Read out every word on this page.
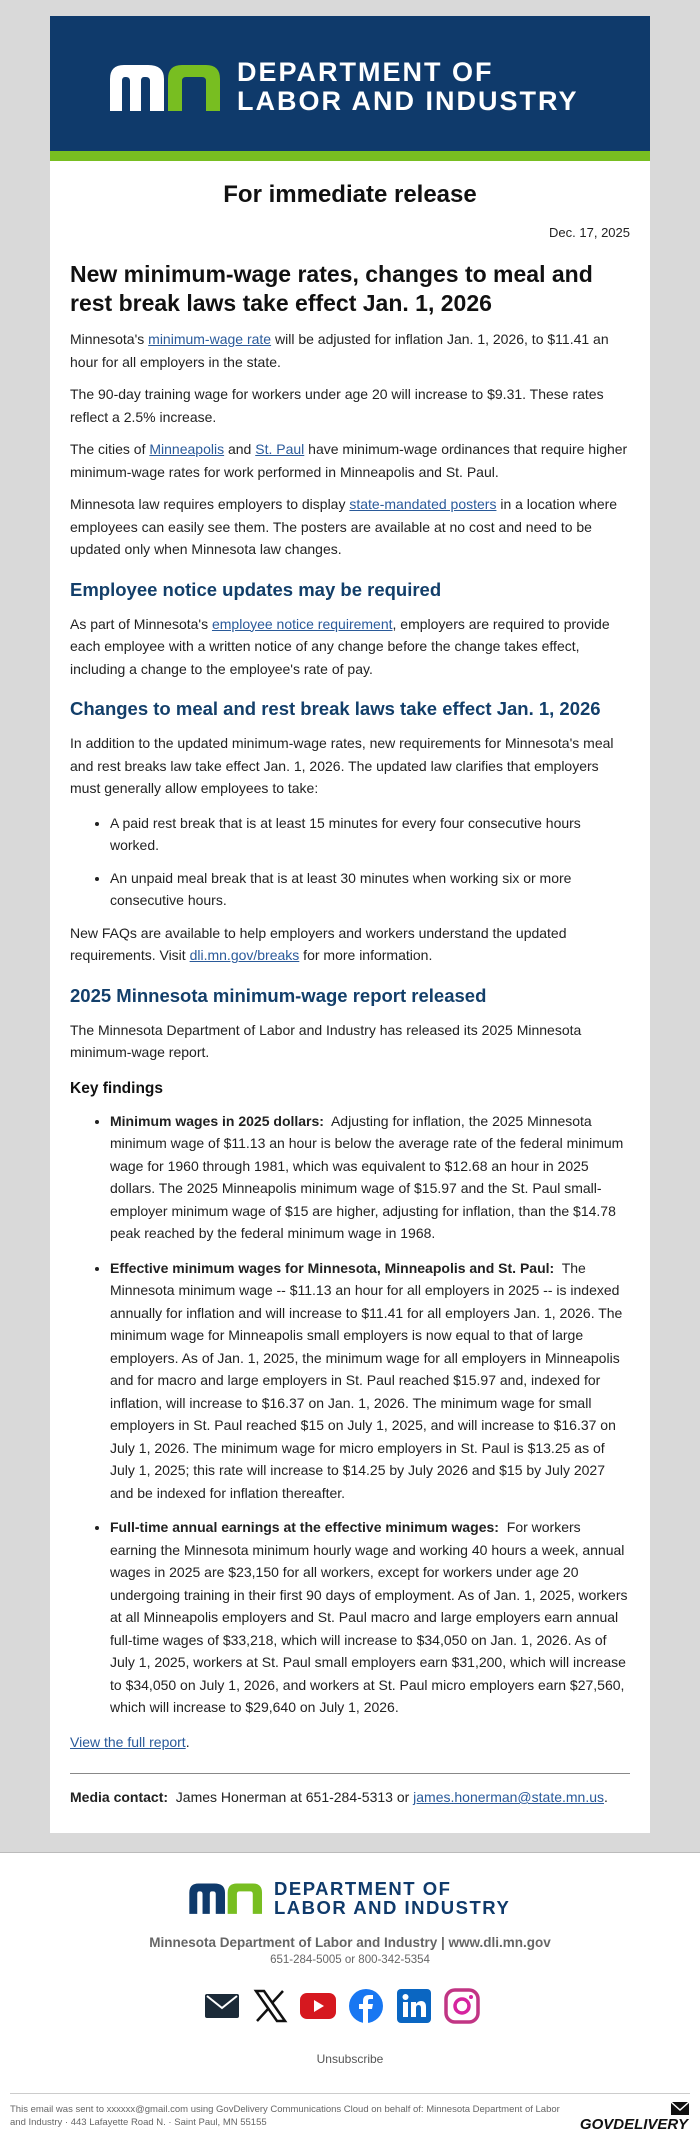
DEPARTMENT OF
LABOR AND INDUSTRY
For immediate release
Dec. 17, 2025
New minimum-wage rates, changes to meal and rest break laws take effect Jan. 1, 2026

Minnesota's minimum-wage rate will be adjusted for inflation Jan. 1, 2026, to $11.41 an hour for all employers in the state.

The 90-day training wage for workers under age 20 will increase to $9.31. These rates reflect a 2.5% increase.

The cities of Minneapolis and St. Paul have minimum-wage ordinances that require higher minimum-wage rates for work performed in Minneapolis and St. Paul.

Minnesota law requires employers to display state-mandated posters in a location where employees can easily see them. The posters are available at no cost and need to be updated only when Minnesota law changes.

Employee notice updates may be required

As part of Minnesota's employee notice requirement, employers are required to provide each employee with a written notice of any change before the change takes effect, including a change to the employee's rate of pay.

Changes to meal and rest break laws take effect Jan. 1, 2026

In addition to the updated minimum-wage rates, new requirements for Minnesota's meal and rest breaks law take effect Jan. 1, 2026. The updated law clarifies that employers must generally allow employees to take:

• A paid rest break that is at least 15 minutes for every four consecutive hours worked.
• An unpaid meal break that is at least 30 minutes when working six or more consecutive hours.

New FAQs are available to help employers and workers understand the updated requirements. Visit dli.mn.gov/breaks for more information.

2025 Minnesota minimum-wage report released

The Minnesota Department of Labor and Industry has released its 2025 Minnesota minimum-wage report.

Key findings
• Minimum wages in 2025 dollars: Adjusting for inflation, the 2025 Minnesota minimum wage of $11.13 an hour is below the average rate of the federal minimum wage for 1960 through 1981, which was equivalent to $12.68 an hour in 2025 dollars. The 2025 Minneapolis minimum wage of $15.97 and the St. Paul small-employer minimum wage of $15 are higher, adjusting for inflation, than the $14.78 peak reached by the federal minimum wage in 1968.
• Effective minimum wages for Minnesota, Minneapolis and St. Paul: The Minnesota minimum wage -- $11.13 an hour for all employers in 2025 -- is indexed annually for inflation and will increase to $11.41 for all employers Jan. 1, 2026. The minimum wage for Minneapolis small employers is now equal to that of large employers. As of Jan. 1, 2025, the minimum wage for all employers in Minneapolis and for macro and large employers in St. Paul reached $15.97 and, indexed for inflation, will increase to $16.37 on Jan. 1, 2026. The minimum wage for small employers in St. Paul reached $15 on July 1, 2025, and will increase to $16.37 on July 1, 2026. The minimum wage for micro employers in St. Paul is $13.25 as of July 1, 2025; this rate will increase to $14.25 by July 2026 and $15 by July 2027 and be indexed for inflation thereafter.
• Full-time annual earnings at the effective minimum wages: For workers earning the Minnesota minimum hourly wage and working 40 hours a week, annual wages in 2025 are $23,150 for all workers, except for workers under age 20 undergoing training in their first 90 days of employment. As of Jan. 1, 2025, workers at all Minneapolis employers and St. Paul macro and large employers earn annual full-time wages of $33,218, which will increase to $34,050 on Jan. 1, 2026. As of July 1, 2025, workers at St. Paul small employers earn $31,200, which will increase to $34,050 on July 1, 2026, and workers at St. Paul micro employers earn $27,560, which will increase to $29,640 on July 1, 2026.

View the full report.

Media contact: James Honerman at 651-284-5313 or james.honerman@state.mn.us.

DEPARTMENT OF
LABOR AND INDUSTRY
Minnesota Department of Labor and Industry | www.dli.mn.gov
651-284-5005 or 800-342-5354
Unsubscribe
This email was sent to xxxxxx@gmail.com using GovDelivery Communications Cloud on behalf of: Minnesota Department of Labor and Industry · 443 Lafayette Road N. · Saint Paul, MN 55155	GOVDELIVERY
